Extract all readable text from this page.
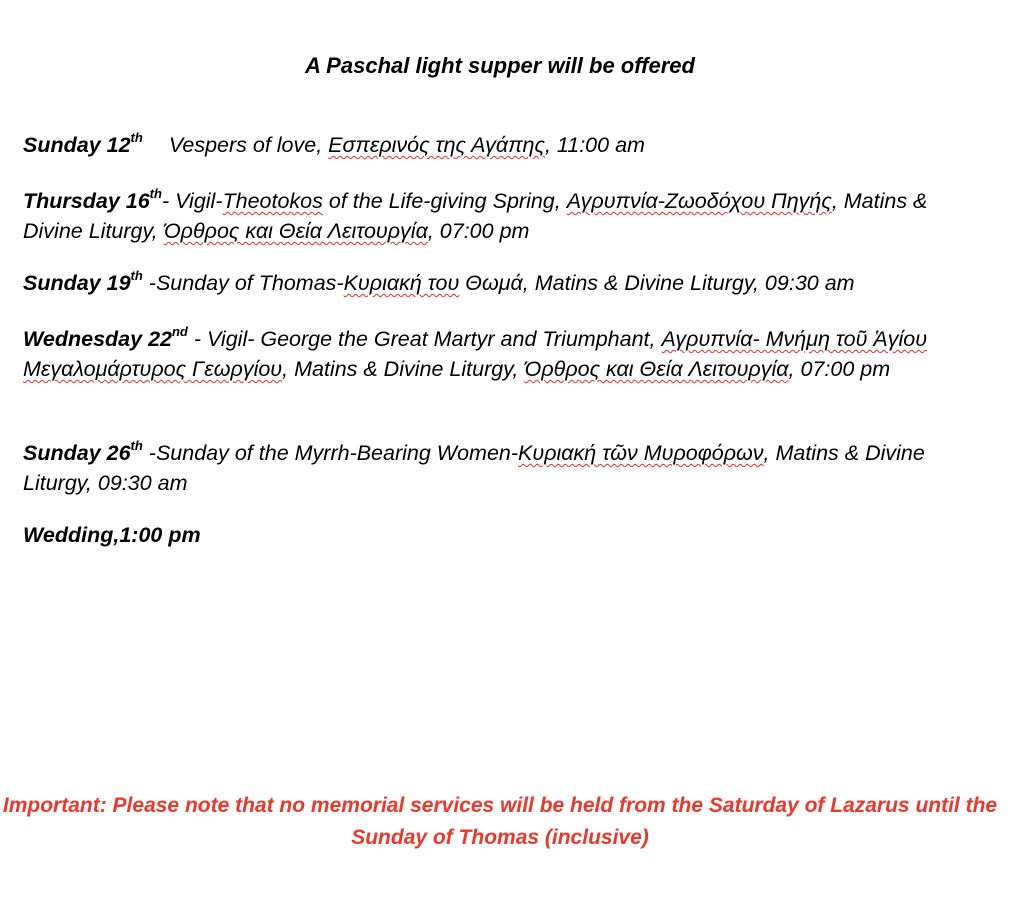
A Paschal light supper will be offered
Sunday 12th Vespers of love, Εσπερινός της Αγάπης, 11:00 am
Thursday 16th- Vigil-Theotokos of the Life-giving Spring, Αγρυπνία-Ζωοδόχου Πηγής, Matins & Divine Liturgy, Όρθρος και Θεία Λειτουργία, 07:00 pm
Sunday 19th -Sunday of Thomas-Κυριακή του Θωμά, Matins & Divine Liturgy, 09:30 am
Wednesday 22nd - Vigil- George the Great Martyr and Triumphant, Αγρυπνία- Μνήμη τοῦ Ἁγίου Μεγαλομάρτυρος Γεωργίου, Matins & Divine Liturgy, Όρθρος και Θεία Λειτουργία, 07:00 pm
Sunday 26th -Sunday of the Myrrh-Bearing Women-Κυριακή τῶν Μυροφόρων, Matins & Divine Liturgy, 09:30 am
Wedding,1:00 pm
Important: Please note that no memorial services will be held from the Saturday of Lazarus until the Sunday of Thomas (inclusive)
